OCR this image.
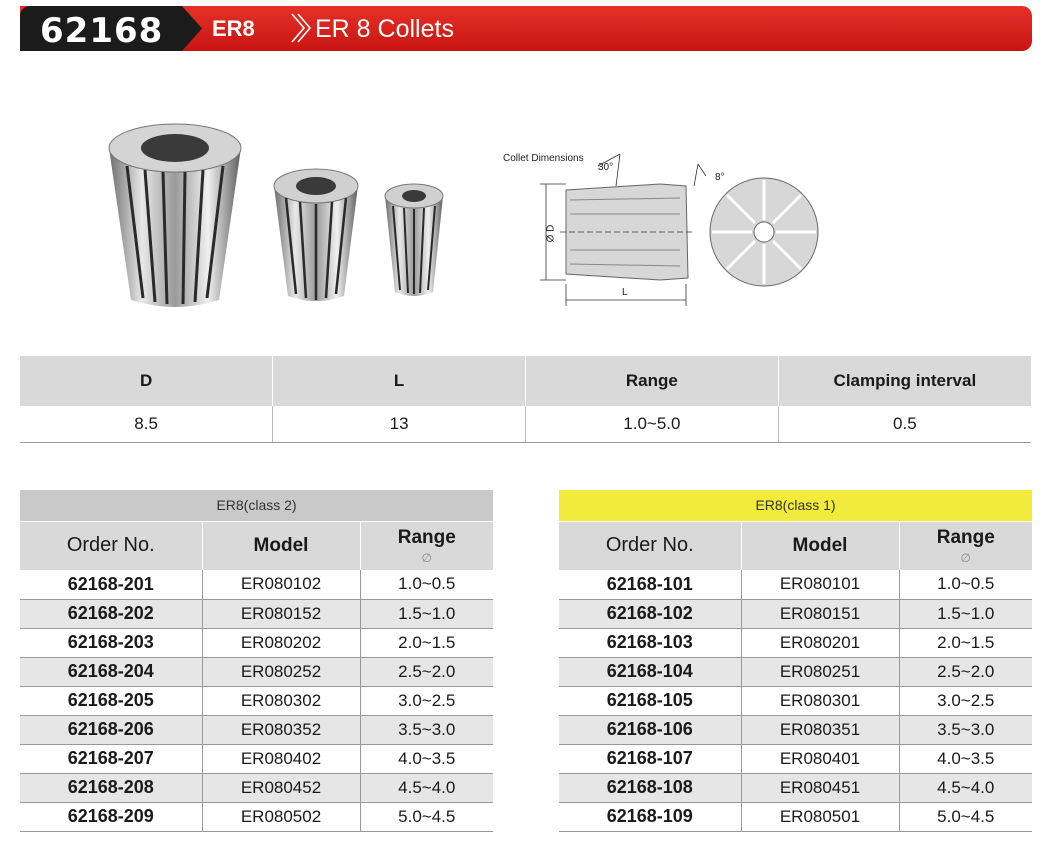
62168 ER8 ER 8 Collets
Collet Dimensions
30°
8°
Ø D
L
D	L	Range	Clamping interval
8.5	13	1.0~5.0	0.5
ER8(class 2)		
Order No.	Model	Range
∅

62168-201	ER080102	1.0~0.5
62168-202	ER080152	1.5~1.0
62168-203	ER080202	2.0~1.5
62168-204	ER080252	2.5~2.0
62168-205	ER080302	3.0~2.5
62168-206	ER080352	3.5~3.0
62168-207	ER080402	4.0~3.5
62168-208	ER080452	4.5~4.0
62168-209	ER080502	5.0~4.5
ER8(class 1)		
Order No.	Model	Range
∅

62168-101	ER080101	1.0~0.5
62168-102	ER080151	1.5~1.0
62168-103	ER080201	2.0~1.5
62168-104	ER080251	2.5~2.0
62168-105	ER080301	3.0~2.5
62168-106	ER080351	3.5~3.0
62168-107	ER080401	4.0~3.5
62168-108	ER080451	4.5~4.0
62168-109	ER080501	5.0~4.5
